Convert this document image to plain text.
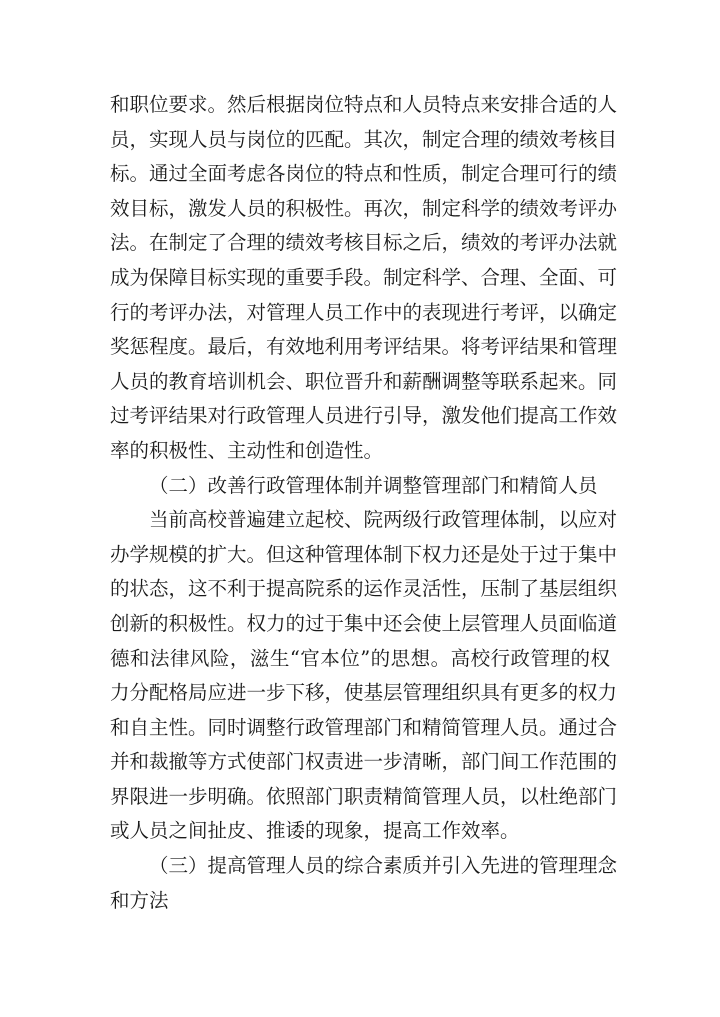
和职位要求。然后根据岗位特点和人员特点来安排合适的人
员，实现人员与岗位的匹配。其次，制定合理的绩效考核目
标。通过全面考虑各岗位的特点和性质，制定合理可行的绩
效目标，激发人员的积极性。再次，制定科学的绩效考评办
法。在制定了合理的绩效考核目标之后，绩效的考评办法就
成为保障目标实现的重要手段。制定科学、合理、全面、可
行的考评办法，对管理人员工作中的表现进行考评，以确定
奖惩程度。最后，有效地利用考评结果。将考评结果和管理
人员的教育培训机会、职位晋升和薪酬调整等联系起来。同
过考评结果对行政管理人员进行引导，激发他们提高工作效
率的积极性、主动性和创造性。
（二）改善行政管理体制并调整管理部门和精简人员
当前高校普遍建立起校、院两级行政管理体制，以应对
办学规模的扩大。但这种管理体制下权力还是处于过于集中
的状态，这不利于提高院系的运作灵活性，压制了基层组织
创新的积极性。权力的过于集中还会使上层管理人员面临道
德和法律风险，滋生“官本位”的思想。高校行政管理的权
力分配格局应进一步下移，使基层管理组织具有更多的权力
和自主性。同时调整行政管理部门和精简管理人员。通过合
并和裁撤等方式使部门权责进一步清晰，部门间工作范围的
界限进一步明确。依照部门职责精简管理人员，以杜绝部门
或人员之间扯皮、推诿的现象，提高工作效率。
（三）提高管理人员的综合素质并引入先进的管理理念
和方法
